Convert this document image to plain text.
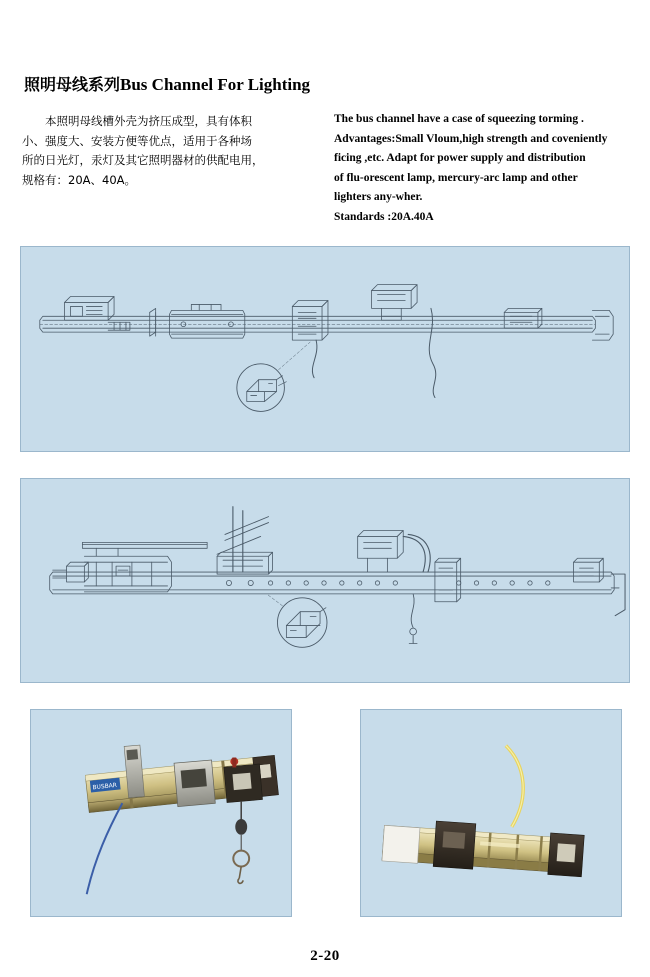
照明母线系列Bus Channel For Lighting

本照明母线槽外壳为挤压成型，具有体积

小、强度大、安装方便等优点，适用于各种场

所的日光灯，汞灯及其它照明器材的供配电用，

规格有：20A、40A。

The bus channel have a case of squeezing torming .

Advantages:Small Vloum,high strength and coveniently

ficing ,etc. Adapt for power supply and distribution

of flu-orescent lamp, mercury-arc lamp and other

lighters any-wher.

Standards :20A.40A

BUSBAR
2-20
